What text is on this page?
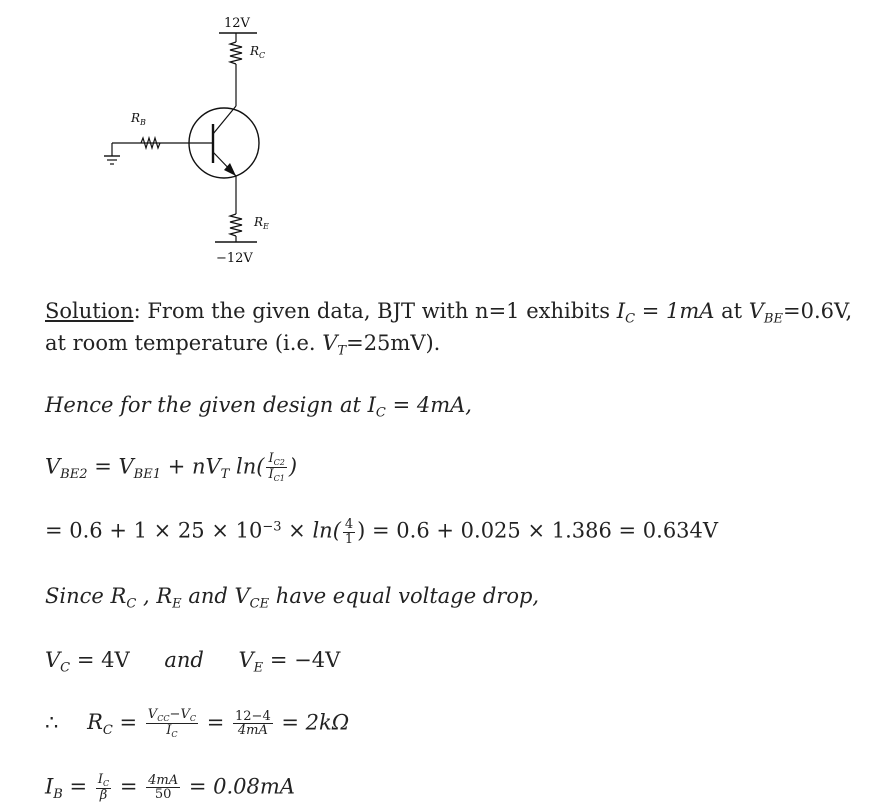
12V
$R_C$
$R_B$
$R_E$
−12V
Solution: From the given data, BJT with n=1 exhibits $I_C = 1mA$ at $V_{BE}=0.6V$,
at room temperature (i.e. $V_T=25mV$).
Hence for the given design at $I_C = 4mA$,
$V_{BE2} = V_{BE1} + nV_T$ $\ln( \frac{I_{C2}}{I_{C1}}$ )
= $0.6 + 1 \times 25 \times 10^{-3} \times \ln( \frac{4}{1}$ ) = 0.6 + 0.025 × 1.386 = 0.634V
Since $R_C$ , $R_E$ and $V_{CE}$ have equal voltage drop,
$V_C = 4V$ and $V_E = -4V$
∴ $R_C = \frac{V_{CC}-V_C}{I_C} = \frac{12-4}{4mA} = 2k\Omega$
$I_B = \frac{I_C}{\beta} = \frac{4mA}{50} = 0.08mA$
